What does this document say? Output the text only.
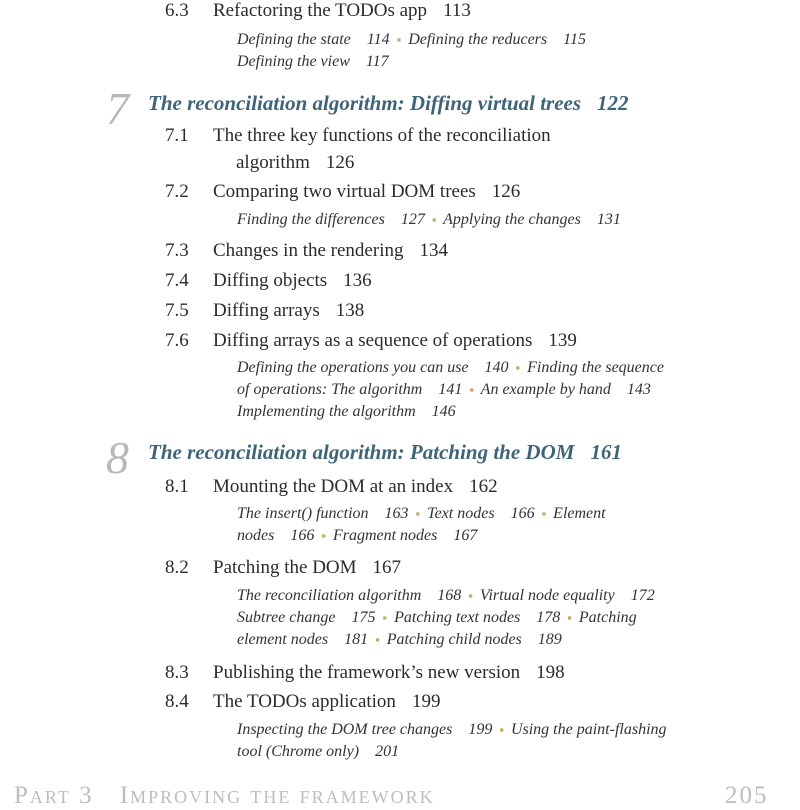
6.3 Refactoring the TODOs app 113
Defining the state 114 ▪ Defining the reducers 115
Defining the view 117
7 The reconciliation algorithm: Diffing virtual trees 122
7.1 The three key functions of the reconciliation
algorithm 126
7.2 Comparing two virtual DOM trees 126
Finding the differences 127 ▪ Applying the changes 131
7.3 Changes in the rendering 134
7.4 Diffing objects 136
7.5 Diffing arrays 138
7.6 Diffing arrays as a sequence of operations 139
Defining the operations you can use 140 ▪ Finding the sequence
of operations: The algorithm 141 ▪ An example by hand 143
Implementing the algorithm 146
8 The reconciliation algorithm: Patching the DOM 161
8.1 Mounting the DOM at an index 162
The insert() function 163 ▪ Text nodes 166 ▪ Element
nodes 166 ▪ Fragment nodes 167
8.2 Patching the DOM 167
The reconciliation algorithm 168 ▪ Virtual node equality 172
Subtree change 175 ▪ Patching text nodes 178 ▪ Patching
element nodes 181 ▪ Patching child nodes 189
8.3 Publishing the framework’s new version 198
8.4 The TODOs application 199
Inspecting the DOM tree changes 199 ▪ Using the paint-flashing
tool (Chrome only) 201
Part 3 Improving the framework	205
